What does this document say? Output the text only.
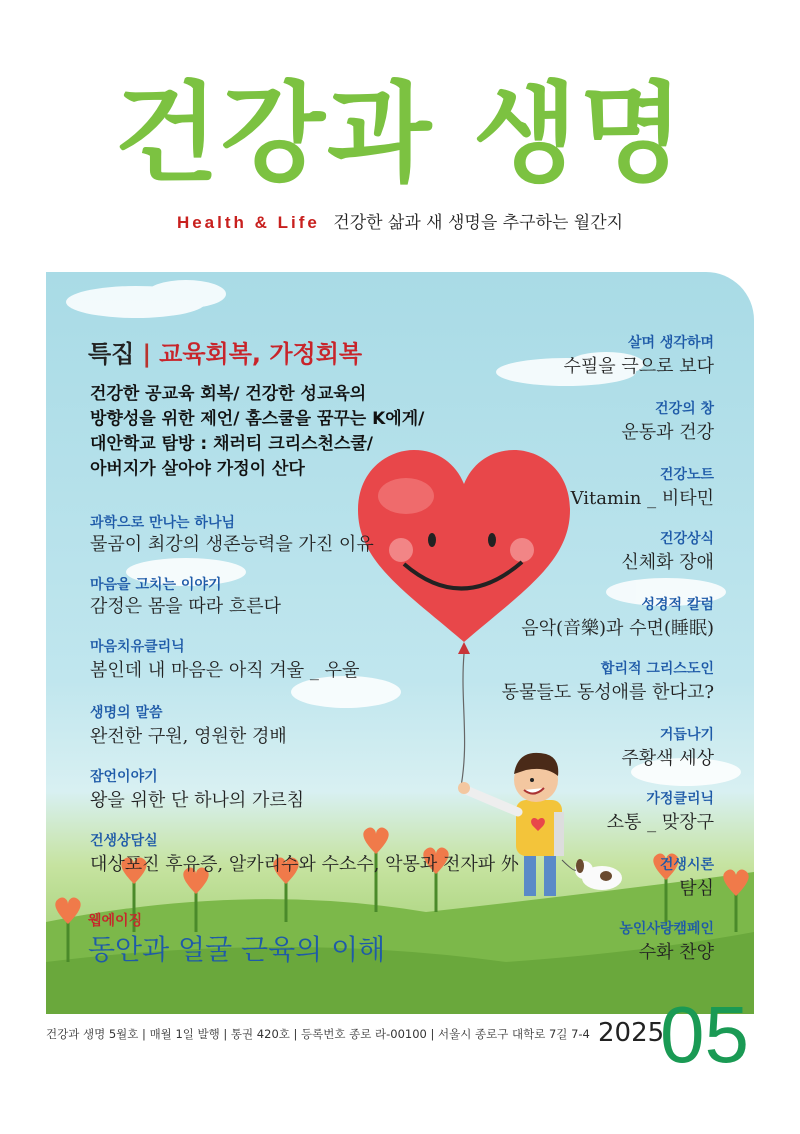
건강과 생명
Health & Life 건강한 삶과 새 생명을 추구하는 월간지
특집 | 교육회복, 가정회복
건강한 공교육 회복/ 건강한 성교육의
방향성을 위한 제언/ 홈스쿨을 꿈꾸는 K에게/
대안학교 탐방 : 채러티 크리스천스쿨/
아버지가 살아야 가정이 산다
과학으로 만나는 하나님
물곰이 최강의 생존능력을 가진 이유
마음을 고치는 이야기
감정은 몸을 따라 흐른다
마음치유클리닉
봄인데 내 마음은 아직 겨울 _ 우울
생명의 말씀
완전한 구원, 영원한 경배
잠언이야기
왕을 위한 단 하나의 가르침
건생상담실
대상포진 후유증, 알카리수와 수소수, 악몽과 전자파 外
살며 생각하며
수필을 극으로 보다
건강의 창
운동과 건강
건강노트
Vitamin _ 비타민
건강상식
신체화 장애
성경적 칼럼
음악(音樂)과 수면(睡眠)
합리적 그리스도인
동물들도 동성애를 한다고?
거듭나기
주황색 세상
가정클리닉
소통 _ 맞장구
건생시론
탐심
농인사랑캠페인
수화 찬양
웹에이징
동안과 얼굴 근육의 이해
건강과 생명 5월호 | 매월 1일 발행 | 통권 420호 | 등록번호 종로 라-00100 | 서울시 종로구 대학로 7길 7-4 2025
05
